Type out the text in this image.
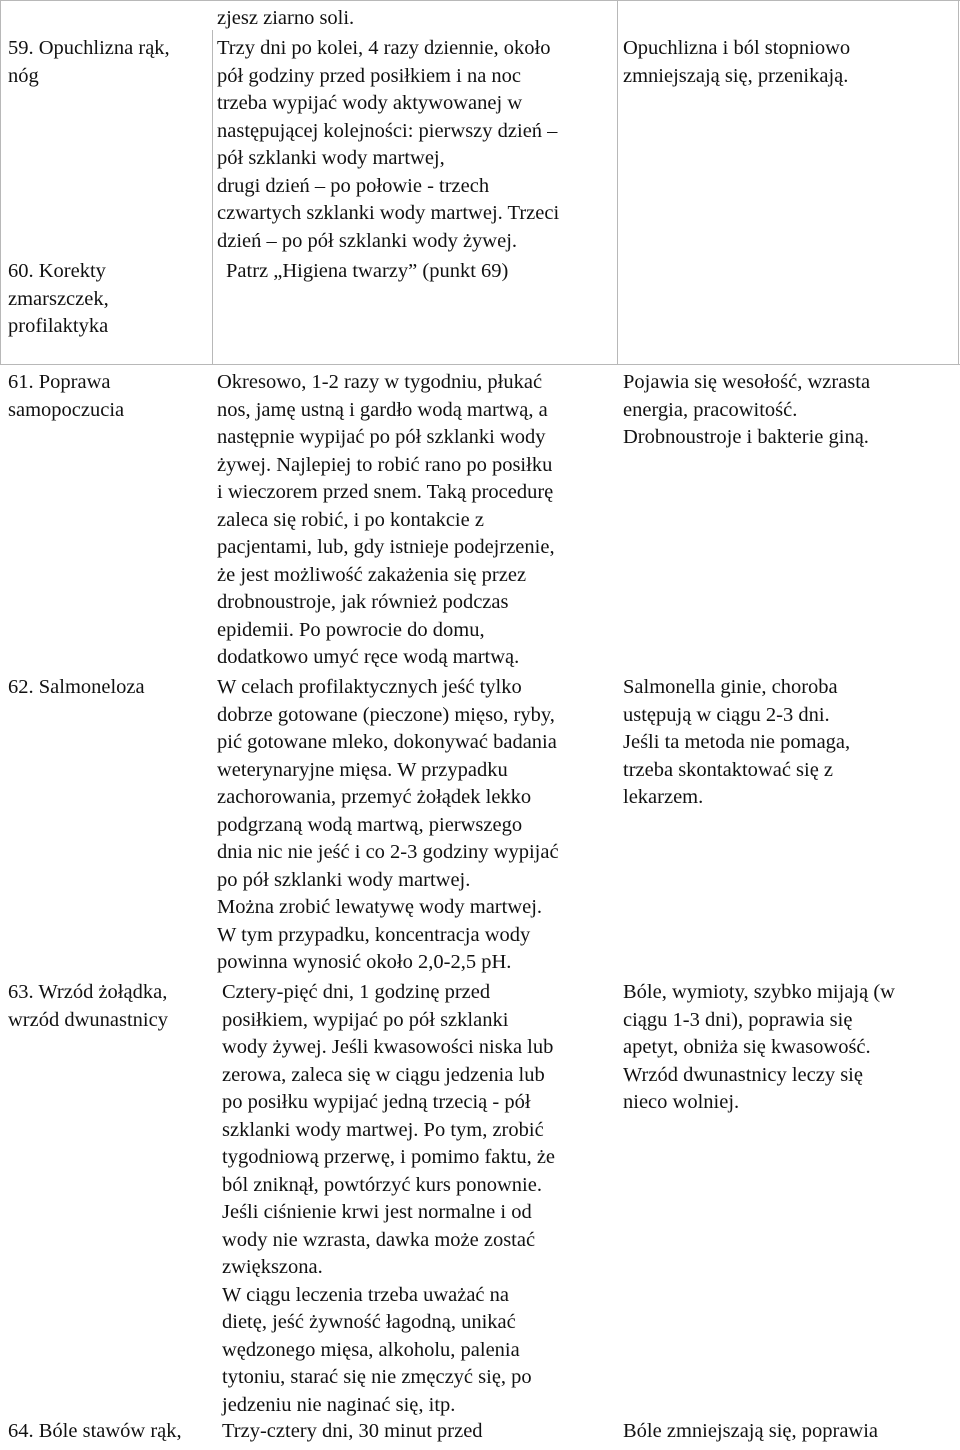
zjesz ziarno soli.
59. Opuchlizna rąk,
nóg
Trzy dni po kolei, 4 razy dziennie, około
pół godziny przed posiłkiem i na noc
trzeba wypijać wody aktywowanej w
następującej kolejności: pierwszy dzień –
pół szklanki wody martwej,
drugi dzień – po połowie - trzech
czwartych szklanki wody martwej. Trzeci
dzień – po pół szklanki wody żywej.
Opuchlizna i ból stopniowo
zmniejszają się, przenikają.
60. Korekty
zmarszczek,
profilaktyka
Patrz „Higiena twarzy” (punkt 69)
61. Poprawa
samopoczucia
Okresowo, 1-2 razy w tygodniu, płukać
nos, jamę ustną i gardło wodą martwą, a
następnie wypijać po pół szklanki wody
żywej. Najlepiej to robić rano po posiłku
i wieczorem przed snem. Taką procedurę
zaleca się robić, i po kontakcie z
pacjentami, lub, gdy istnieje podejrzenie,
że jest możliwość zakażenia się przez
drobnoustroje, jak również podczas
epidemii. Po powrocie do domu,
dodatkowo umyć ręce wodą martwą.
Pojawia się wesołość, wzrasta
energia, pracowitość.
Drobnoustroje i bakterie giną.
62. Salmoneloza	W celach profilaktycznych jeść tylko
dobrze gotowane (pieczone) mięso, ryby,
pić gotowane mleko, dokonywać badania
weterynaryjne mięsa. W przypadku
zachorowania, przemyć żołądek lekko
podgrzaną wodą martwą, pierwszego
dnia nic nie jeść i co 2-3 godziny wypijać
po pół szklanki wody martwej.
Można zrobić lewatywę wody martwej.
W tym przypadku, koncentracja wody
powinna wynosić około 2,0-2,5 pH.
Salmonella ginie, choroba
ustępują w ciągu 2-3 dni.
Jeśli ta metoda nie pomaga,
trzeba skontaktować się z
lekarzem.
63. Wrzód żołądka,
wrzód dwunastnicy
Cztery-pięć dni, 1 godzinę przed
posiłkiem, wypijać po pół szklanki
wody żywej. Jeśli kwasowości niska lub
zerowa, zaleca się w ciągu jedzenia lub
po posiłku wypijać jedną trzecią - pół
szklanki wody martwej. Po tym, zrobić
tygodniową przerwę, i pomimo faktu, że
ból zniknął, powtórzyć kurs ponownie.
Jeśli ciśnienie krwi jest normalne i od
wody nie wzrasta, dawka może zostać
zwiększona.
W ciągu leczenia trzeba uważać na
dietę, jeść żywność łagodną, unikać
wędzonego mięsa, alkoholu, palenia
tytoniu, starać się nie zmęczyć się, po
jedzeniu nie naginać się, itp.
Bóle, wymioty, szybko mijają (w
ciągu 1-3 dni), poprawia się
apetyt, obniża się kwasowość.
Wrzód dwunastnicy leczy się
nieco wolniej.
64. Bóle stawów rąk, Trzy-cztery dni, 30 minut przed	Bóle zmniejszają się, poprawia
